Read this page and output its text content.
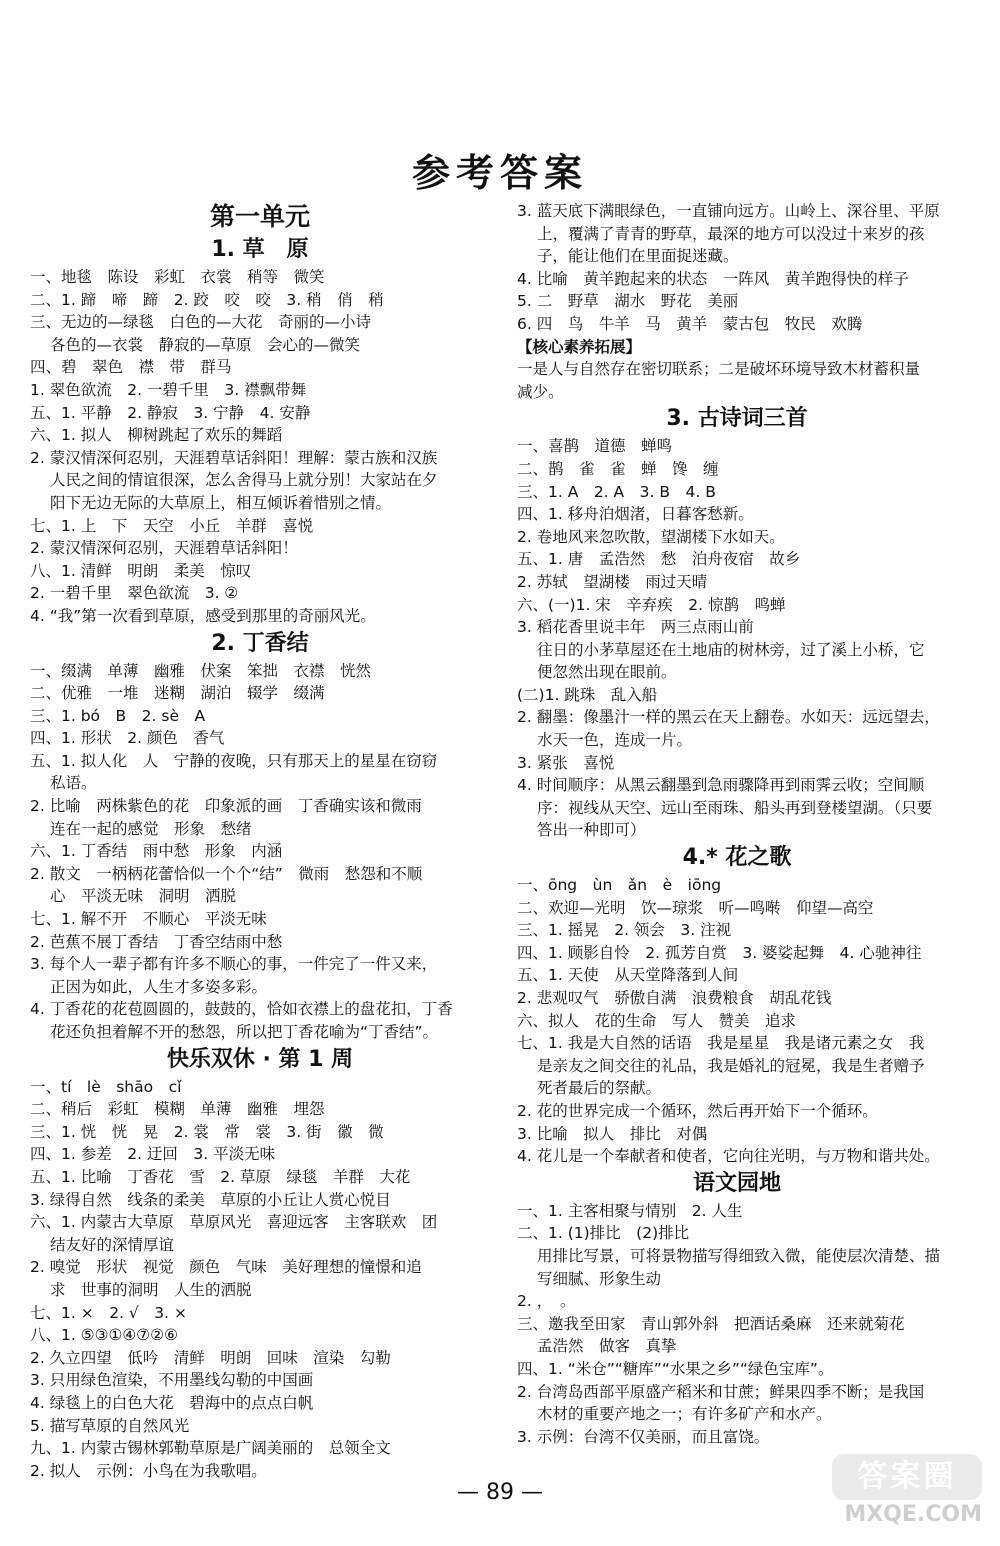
参考答案
第一单元
1. 草　原
一、地毯　陈设　彩虹　衣裳　稍等　微笑
二、1. 蹄　啼　蹄　2. 跤　咬　咬　3. 稍　俏　稍
三、无边的—绿毯　白色的—大花　奇丽的—小诗
各色的—衣裳　静寂的—草原　会心的—微笑
四、碧　翠色　襟　带　群马
1. 翠色欲流　2. 一碧千里　3. 襟飘带舞
五、1. 平静　2. 静寂　3. 宁静　4. 安静
六、1. 拟人　柳树跳起了欢乐的舞蹈
2. 蒙汉情深何忍别，天涯碧草话斜阳！理解：蒙古族和汉族
人民之间的情谊很深，怎么舍得马上就分别！大家站在夕
阳下无边无际的大草原上，相互倾诉着惜别之情。
七、1. 上　下　天空　小丘　羊群　喜悦
2. 蒙汉情深何忍别，天涯碧草话斜阳！
八、1. 清鲜　明朗　柔美　惊叹
2. 一碧千里　翠色欲流　3. ②
4. “我”第一次看到草原，感受到那里的奇丽风光。
2. 丁香结
一、缀满　单薄　幽雅　伏案　笨拙　衣襟　恍然
二、优雅　一堆　迷糊　湖泊　辍学　缀满
三、1. bó　B　2. sè　A
四、1. 形状　2. 颜色　香气
五、1. 拟人化　人　宁静的夜晚，只有那天上的星星在窃窃
私语。
2. 比喻　两株紫色的花　印象派的画　丁香确实该和微雨
连在一起的感觉　形象　愁绪
六、1. 丁香结　雨中愁　形象　内涵
2. 散文　一柄柄花蕾恰似一个个“结”　微雨　愁怨和不顺
心　平淡无味　洞明　洒脱
七、1. 解不开　不顺心　平淡无味
2. 芭蕉不展丁香结　丁香空结雨中愁
3. 每个人一辈子都有许多不顺心的事，一件完了一件又来，
正因为如此，人生才多姿多彩。
4. 丁香花的花苞圆圆的，鼓鼓的，恰如衣襟上的盘花扣，丁香
花还负担着解不开的愁怨，所以把丁香花喻为“丁香结”。
快乐双休 · 第 1 周
一、tí　lè　shāo　cǐ
二、稍后　彩虹　模糊　单薄　幽雅　埋怨
三、1. 恍　恍　晃　2. 裳　常　裳　3. 街　徽　微
四、1. 参差　2. 迂回　3. 平淡无味
五、1. 比喻　丁香花　雪　2. 草原　绿毯　羊群　大花
3. 绿得自然　线条的柔美　草原的小丘让人赏心悦目
六、1. 内蒙古大草原　草原风光　喜迎远客　主客联欢　团
结友好的深情厚谊
2. 嗅觉　形状　视觉　颜色　气味　美好理想的憧憬和追
求　世事的洞明　人生的洒脱
七、1. ×　2. √　3. ×
八、1. ⑤③①④⑦②⑥
2. 久立四望　低吟　清鲜　明朗　回味　渲染　勾勒
3. 只用绿色渲染，不用墨线勾勒的中国画
4. 绿毯上的白色大花　碧海中的点点白帆
5. 描写草原的自然风光
九、1. 内蒙古锡林郭勒草原是广阔美丽的　总领全文
2. 拟人　示例：小鸟在为我歌唱。
3. 蓝天底下满眼绿色，一直铺向远方。山岭上、深谷里、平原
上，覆满了青青的野草，最深的地方可以没过十来岁的孩
子，能让他们在里面捉迷藏。
4. 比喻　黄羊跑起来的状态　一阵风　黄羊跑得快的样子
5. 二　野草　湖水　野花　美丽
6. 四　鸟　牛羊　马　黄羊　蒙古包　牧民　欢腾
【核心素养拓展】
一是人与自然存在密切联系；二是破坏环境导致木材蓄积量
减少。
3. 古诗词三首
一、喜鹊　道德　蝉鸣
二、鹊　雀　雀　蝉　馋　缠
三、1. A　2. A　3. B　4. B
四、1. 移舟泊烟渚，日暮客愁新。
2. 卷地风来忽吹散，望湖楼下水如天。
五、1. 唐　孟浩然　愁　泊舟夜宿　故乡
2. 苏轼　望湖楼　雨过天晴
六、(一)1. 宋　辛弃疾　2. 惊鹊　鸣蝉
3. 稻花香里说丰年　两三点雨山前
往日的小茅草屋还在土地庙的树林旁，过了溪上小桥，它
便忽然出现在眼前。
(二)1. 跳珠　乱入船
2. 翻墨：像墨汁一样的黑云在天上翻卷。水如天：远远望去，
水天一色，连成一片。
3. 紧张　喜悦
4. 时间顺序：从黑云翻墨到急雨骤降再到雨霁云收；空间顺
序：视线从天空、远山至雨珠、船头再到登楼望湖。（只要
答出一种即可）
4.* 花之歌
一、ōng　ùn　ǎn　è　iōng
二、欢迎—光明　饮—琼浆　听—鸣啭　仰望—高空
三、1. 摇晃　2. 领会　3. 注视
四、1. 顾影自怜　2. 孤芳自赏　3. 婆娑起舞　4. 心驰神往
五、1. 天使　从天堂降落到人间
2. 悲观叹气　骄傲自满　浪费粮食　胡乱花钱
六、拟人　花的生命　写人　赞美　追求
七、1. 我是大自然的话语　我是星星　我是诸元素之女　我
是亲友之间交往的礼品，我是婚礼的冠冕，我是生者赠予
死者最后的祭献。
2. 花的世界完成一个循环，然后再开始下一个循环。
3. 比喻　拟人　排比　对偶
4. 花儿是一个奉献者和使者，它向往光明，与万物和谐共处。
语文园地
一、1. 主客相聚与情别　2. 人生
二、1. (1)排比　(2)排比
用排比写景，可将景物描写得细致入微，能使层次清楚、描
写细腻、形象生动
2. ，　。
三、邀我至田家　青山郭外斜　把酒话桑麻　还来就菊花
孟浩然　做客　真挚
四、1. “米仓”“糖库”“水果之乡”“绿色宝库”。
2. 台湾岛西部平原盛产稻米和甘蔗；鲜果四季不断；是我国
木材的重要产地之一；有许多矿产和水产。
3. 示例：台湾不仅美丽，而且富饶。
— 89 —	答案圈
MXQE.COM
